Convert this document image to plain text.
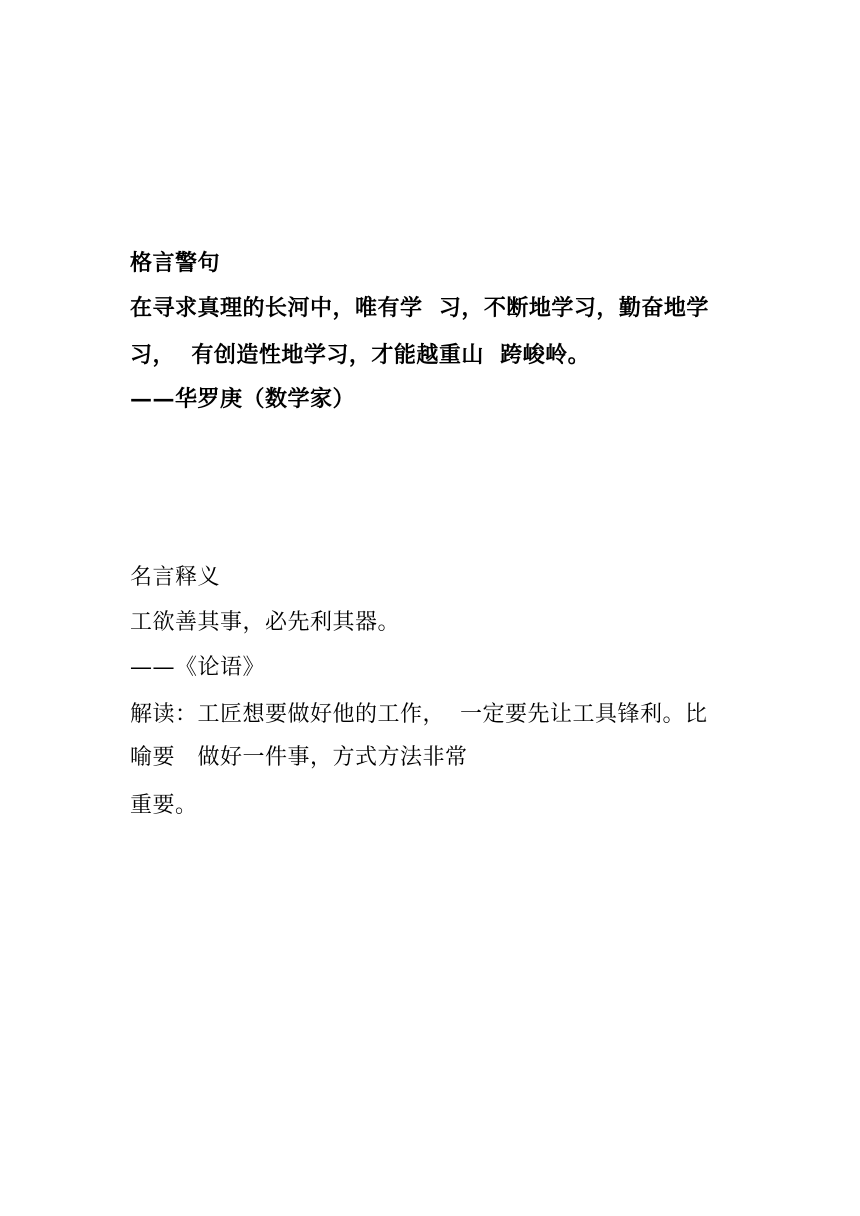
格言警句
在寻求真理的长河中，唯有学  习，不断地学习，勤奋地学
习，  有创造性地学习，才能越重山  跨峻岭。
——华罗庚（数学家）
名言释义
工欲善其事，必先利其器。
——《论语》
解读：工匠想要做好他的工作，  一定要先让工具锋利。比
喻要   做好一件事，方式方法非常
重要。
